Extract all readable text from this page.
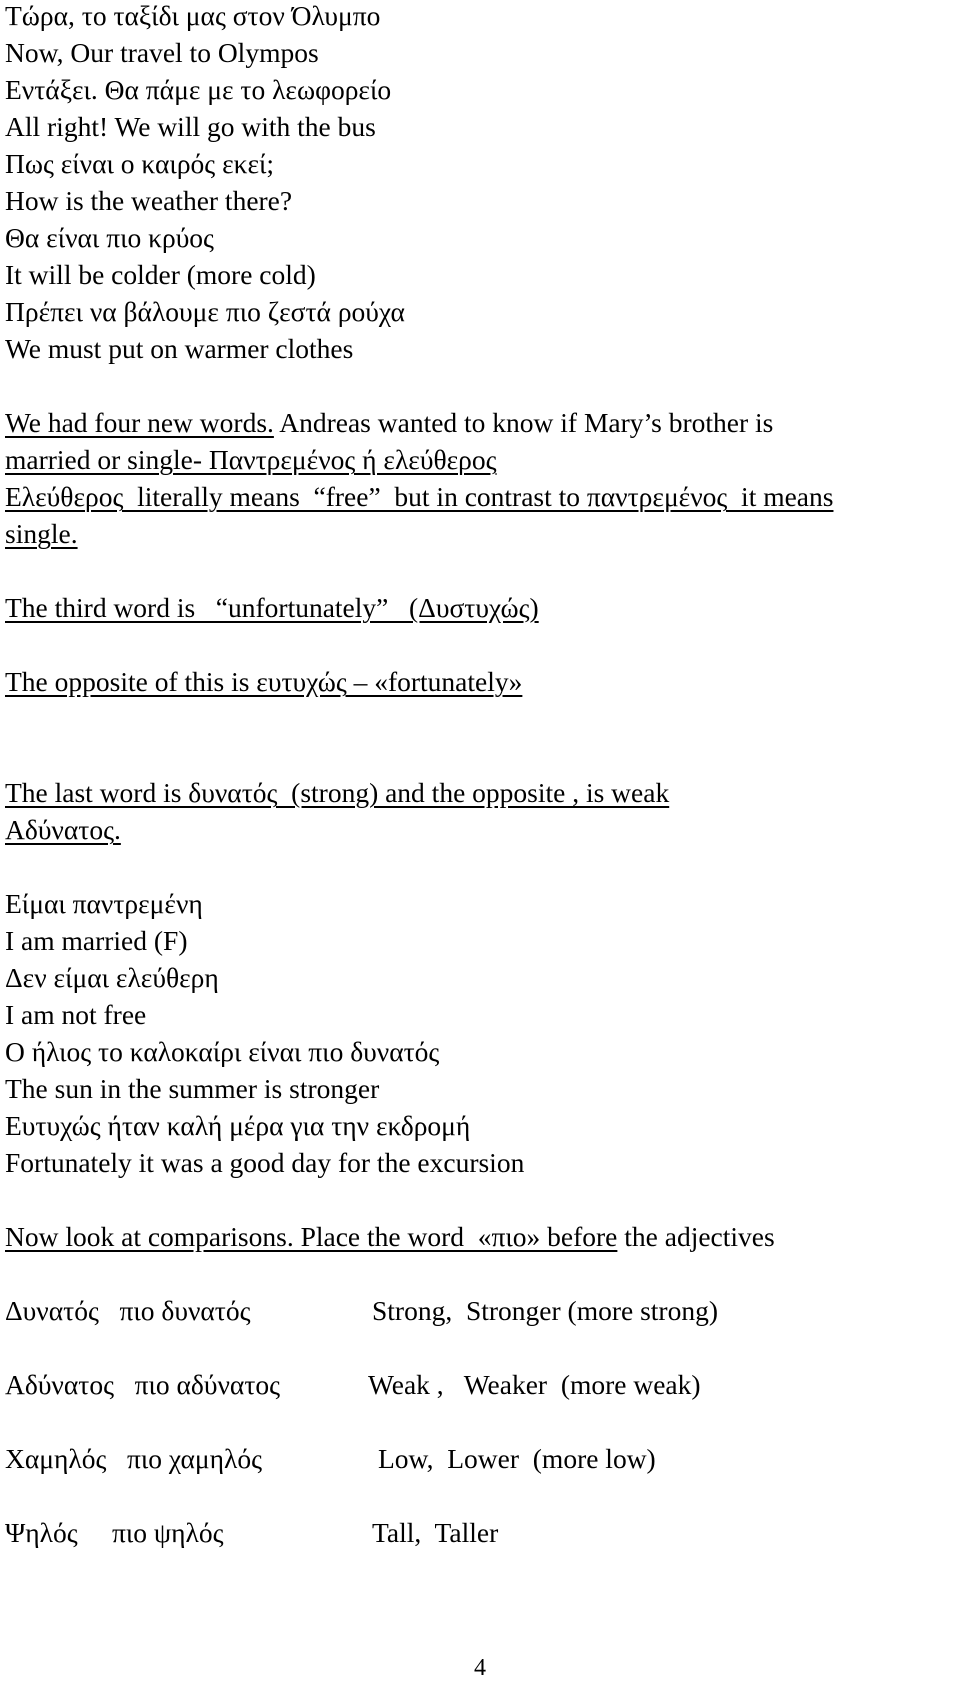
Τώρα, το ταξίδι μας στον Όλυμπο
Now, Our travel to Olympos
Εντάξει. Θα πάμε με το λεωφορείο
All right! We will go with the bus
Πως είναι ο καιρός εκεί;
How is the weather there?
Θα είναι πιο κρύος
It will be colder (more cold)
Πρέπει να βάλουμε πιο ζεστά ρούχα
We must put on warmer clothes
We had four new words. Andreas wanted to know if Mary’s brother is
married or single- Παντρεμένος ή ελεύθερος
Ελεύθερος  literally means  “free”  but in contrast to παντρεμένος  it means
single.
The third word is   “unfortunately”   (Δυστυχώς)
The opposite of this is ευτυχώς – «fortunately»
The last word is δυνατός  (strong) and the opposite , is weak
Αδύνατος.
Είμαι παντρεμένη
I am married (F)
Δεν είμαι ελεύθερη
I am not free
Ο ήλιος το καλοκαίρι είναι πιο δυνατός
The sun in the summer is stronger
Ευτυχώς ήταν καλή μέρα για την εκδρομή
Fortunately it was a good day for the excursion
Now look at comparisons. Place the word  «πιο» before the adjectives
Δυνατός   πιο δυνατός	Strong,  Stronger (more strong)
Αδύνατος   πιο αδύνατος	Weak ,   Weaker  (more weak)
Χαμηλός   πιο χαμηλός	Low,  Lower  (more low)
Ψηλός     πιο ψηλός	Tall,  Taller
4
